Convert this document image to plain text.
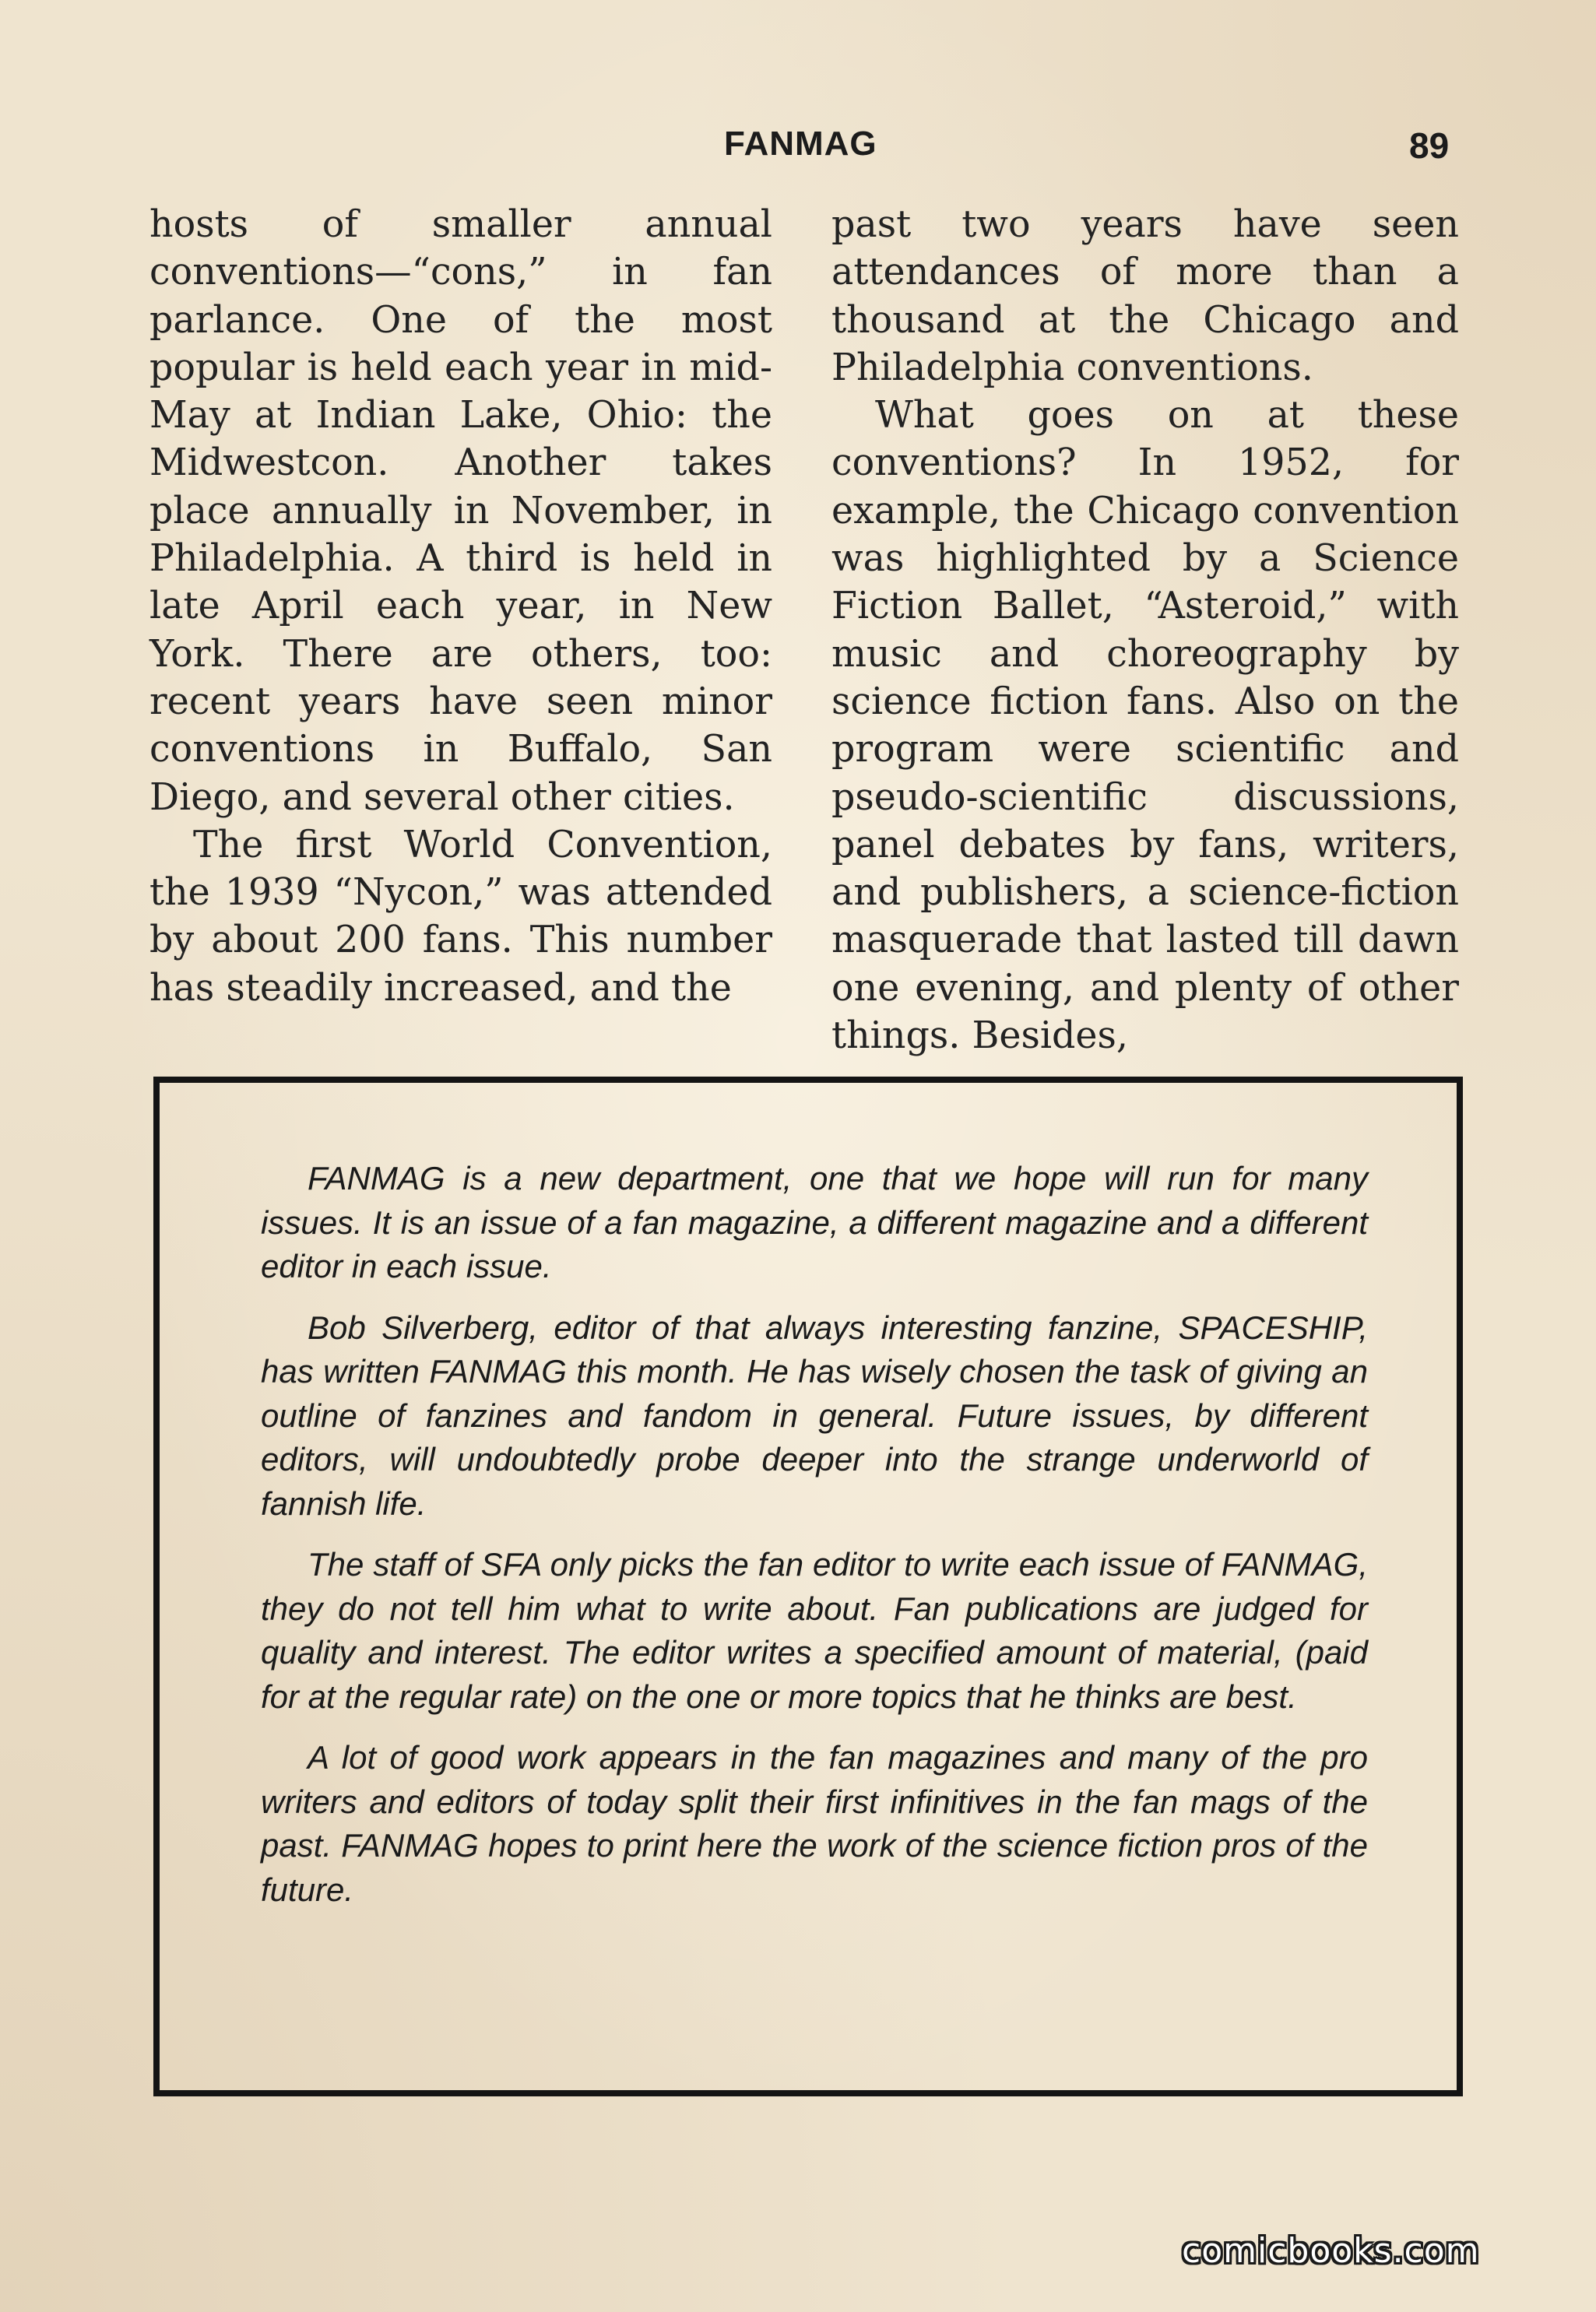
FANMAG	89

hosts of smaller annual conventions—“cons,” in fan parlance. One of the most popular is held each year in mid-May at Indian Lake, Ohio: the Midwestcon. Another takes place annually in November, in Philadelphia. A third is held in late April each year, in New York. There are others, too: recent years have seen minor conventions in Buffalo, San Diego, and several other cities.

The first World Convention, the 1939 “Nycon,” was attended by about 200 fans. This number has steadily increased, and the

past two years have seen attendances of more than a thousand at the Chicago and Philadelphia conventions.

What goes on at these conventions? In 1952, for example, the Chicago convention was highlighted by a Science Fiction Ballet, “Asteroid,” with music and choreography by science fiction fans. Also on the program were scientific and pseudo-scientific discussions, panel debates by fans, writers, and publishers, a science-fiction masquerade that lasted till dawn one evening, and plenty of other things. Besides,

FANMAG is a new department, one that we hope will run for many issues. It is an issue of a fan magazine, a different magazine and a different editor in each issue.

Bob Silverberg, editor of that always interesting fanzine, SPACESHIP, has written FANMAG this month. He has wisely chosen the task of giving an outline of fanzines and fandom in general. Future issues, by different editors, will undoubtedly probe deeper into the strange underworld of fannish life.

The staff of SFA only picks the fan editor to write each issue of FANMAG, they do not tell him what to write about. Fan publications are judged for quality and interest. The editor writes a specified amount of material, (paid for at the regular rate) on the one or more topics that he thinks are best.

A lot of good work appears in the fan magazines and many of the pro writers and editors of today split their first infinitives in the fan mags of the past. FANMAG hopes to print here the work of the science fiction pros of the future.

comicbooks.com
